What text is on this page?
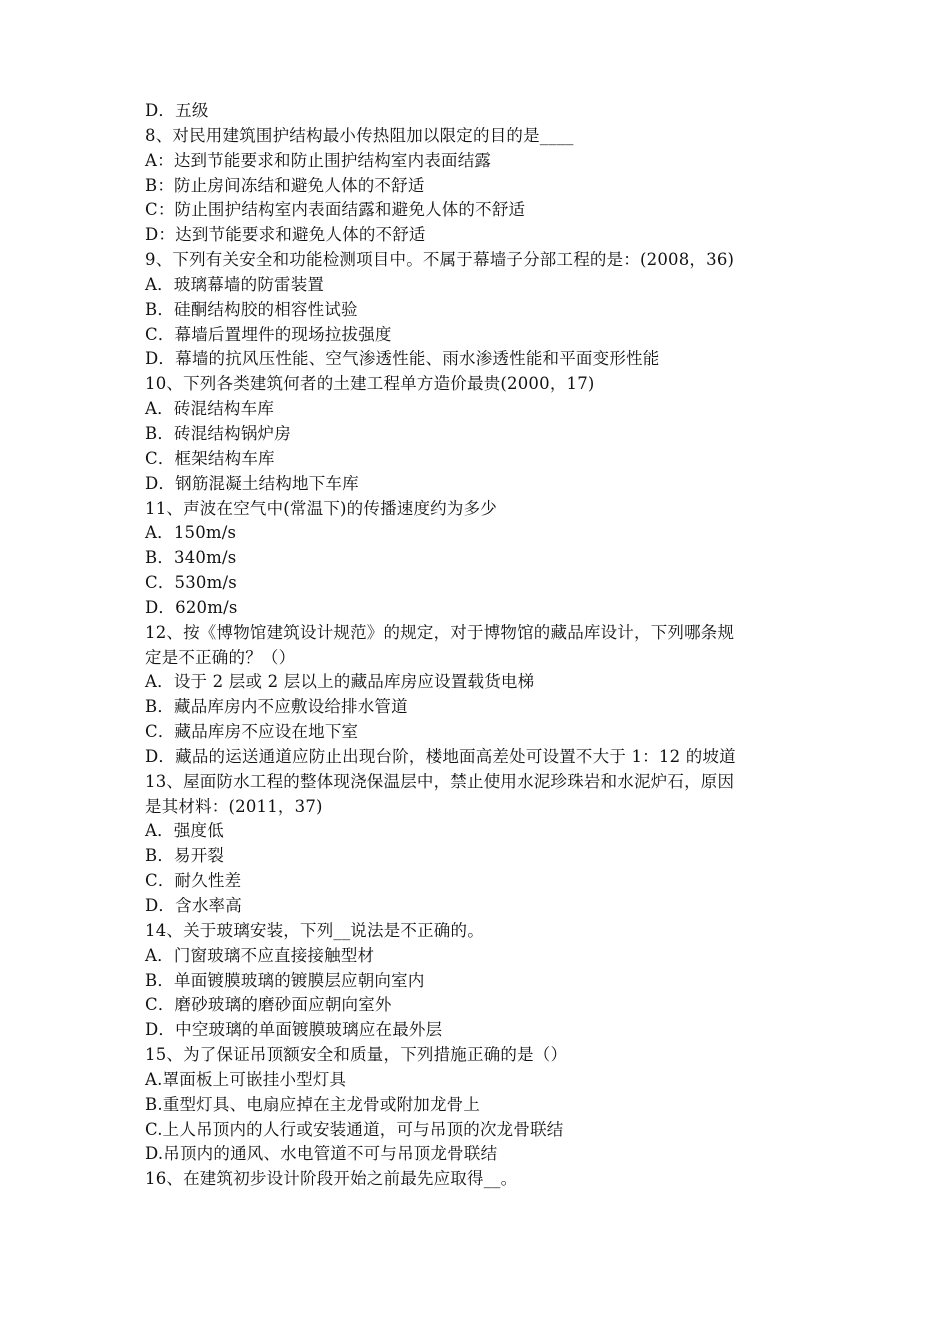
D．五级
8、对民用建筑围护结构最小传热阻加以限定的目的是____
A：达到节能要求和防止围护结构室内表面结露
B：防止房间冻结和避免人体的不舒适
C：防止围护结构室内表面结露和避免人体的不舒适
D：达到节能要求和避免人体的不舒适
9、下列有关安全和功能检测项目中。不属于幕墙子分部工程的是：(2008，36)
A．玻璃幕墙的防雷装置
B．硅酮结构胶的相容性试验
C．幕墙后置埋件的现场拉拔强度
D．幕墙的抗风压性能、空气渗透性能、雨水渗透性能和平面变形性能
10、下列各类建筑何者的土建工程单方造价最贵(2000，17)
A．砖混结构车库
B．砖混结构锅炉房
C．框架结构车库
D．钢筋混凝土结构地下车库
11、声波在空气中(常温下)的传播速度约为多少
A．150m/s
B．340m/s
C．530m/s
D．620m/s
12、按《博物馆建筑设计规范》的规定，对于博物馆的藏品库设计，下列哪条规
定是不正确的？（）
A．设于 2 层或 2 层以上的藏品库房应设置载货电梯
B．藏品库房内不应敷设给排水管道
C．藏品库房不应设在地下室
D．藏品的运送通道应防止出现台阶，楼地面高差处可设置不大于 1：12 的坡道
13、屋面防水工程的整体现浇保温层中，禁止使用水泥珍珠岩和水泥炉石，原因
是其材料：(2011，37)
A．强度低
B．易开裂
C．耐久性差
D．含水率高
14、关于玻璃安装，下列__说法是不正确的。
A．门窗玻璃不应直接接触型材
B．单面镀膜玻璃的镀膜层应朝向室内
C．磨砂玻璃的磨砂面应朝向室外
D．中空玻璃的单面镀膜玻璃应在最外层
15、为了保证吊顶额安全和质量，下列措施正确的是（）
A.罩面板上可嵌挂小型灯具
B.重型灯具、电扇应掉在主龙骨或附加龙骨上
C.上人吊顶内的人行或安装通道，可与吊顶的次龙骨联结
D.吊顶内的通风、水电管道不可与吊顶龙骨联结
16、在建筑初步设计阶段开始之前最先应取得__。
